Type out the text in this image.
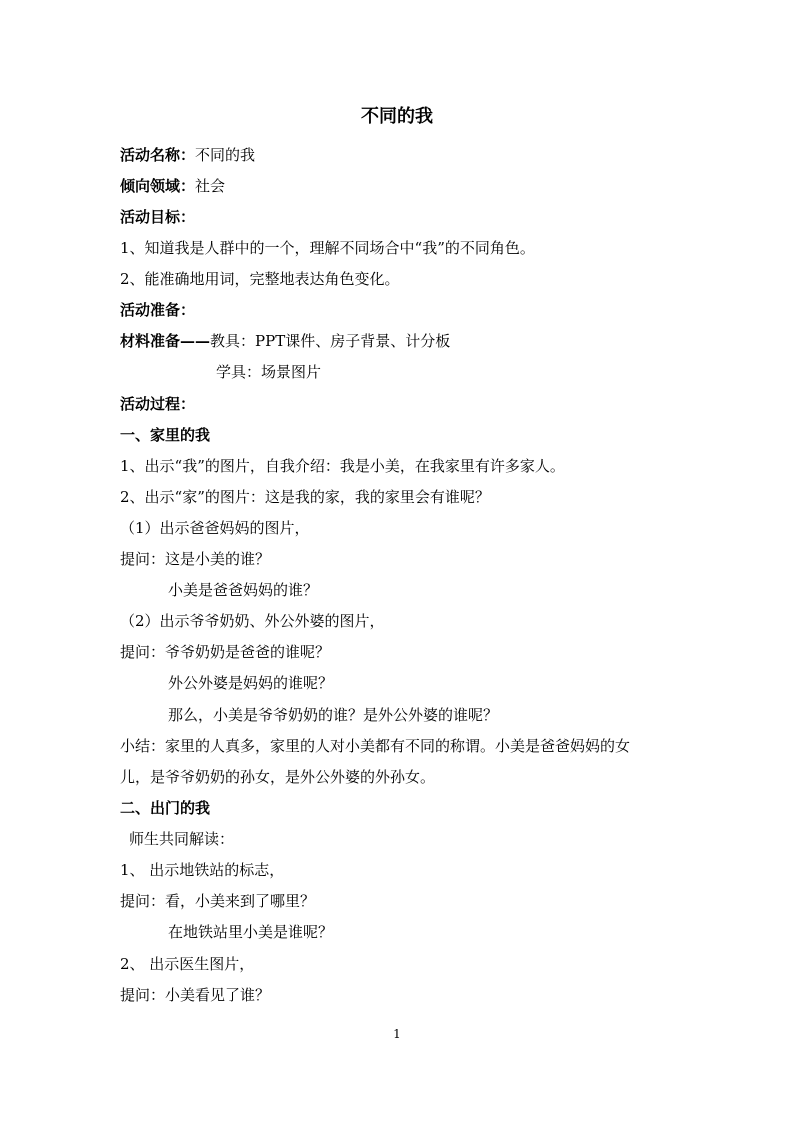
不同的我
活动名称：不同的我
倾向领域：社会
活动目标：
1、知道我是人群中的一个，理解不同场合中“我”的不同角色。
2、能准确地用词，完整地表达角色变化。
活动准备：
材料准备——教具：PPT课件、房子背景、计分板
学具：场景图片
活动过程：
一、家里的我
1、出示“我”的图片，自我介绍：我是小美，在我家里有许多家人。
2、出示“家”的图片：这是我的家，我的家里会有谁呢？
（1）出示爸爸妈妈的图片，
提问：这是小美的谁？
小美是爸爸妈妈的谁？
（2）出示爷爷奶奶、外公外婆的图片，
提问：爷爷奶奶是爸爸的谁呢？
外公外婆是妈妈的谁呢？
那么，小美是爷爷奶奶的谁？是外公外婆的谁呢？
小结：家里的人真多，家里的人对小美都有不同的称谓。小美是爸爸妈妈的女
儿，是爷爷奶奶的孙女，是外公外婆的外孙女。
二、出门的我
师生共同解读：
1、 出示地铁站的标志，
提问：看，小美来到了哪里？
在地铁站里小美是谁呢？
2、 出示医生图片，
提问：小美看见了谁？
1
